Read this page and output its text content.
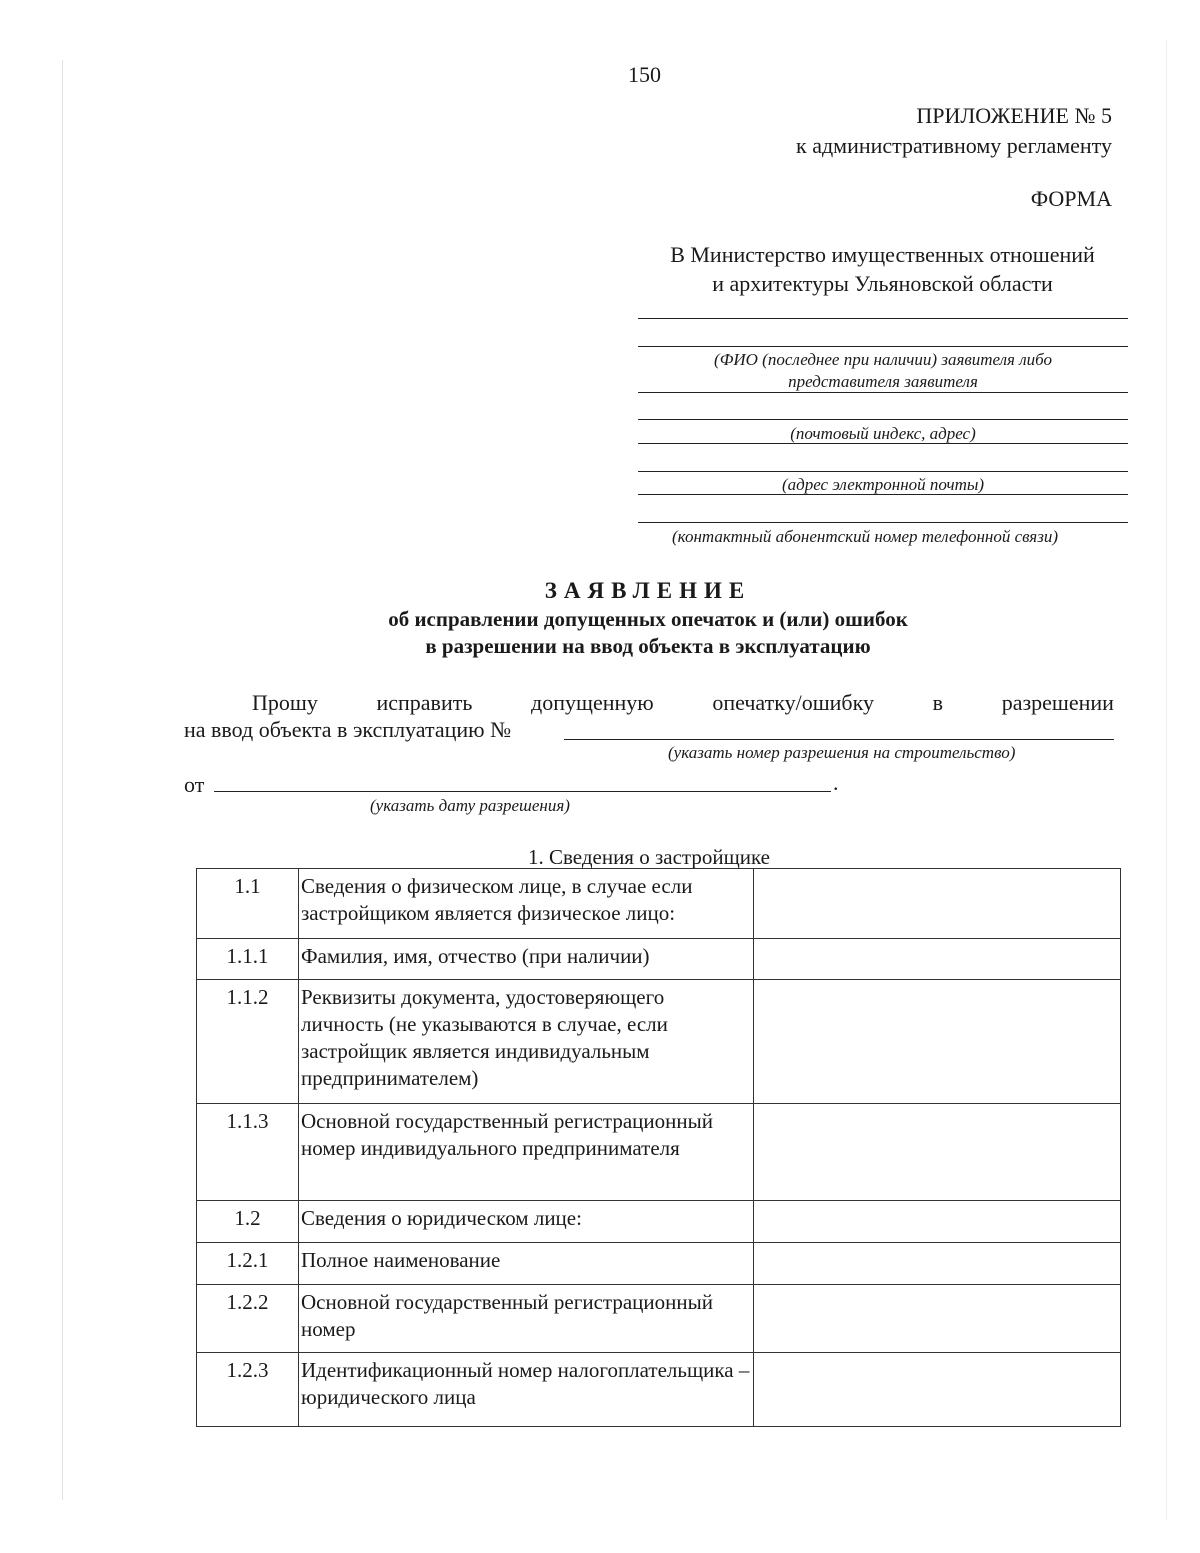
150
ПРИЛОЖЕНИЕ № 5
к административному регламенту
ФОРМА
В Министерство имущественных отношений
и архитектуры Ульяновской области
(ФИО (последнее при наличии) заявителя либо
представителя заявителя
(почтовый индекс, адрес)
(адрес электронной почты)
(контактный абонентский номер телефонной связи)
ЗАЯВЛЕНИЕ
об исправлении допущенных опечаток и (или) ошибок
в разрешении на ввод объекта в эксплуатацию
Прошу	исправить	допущенную	опечатку/ошибку	в	разрешении
на ввод объекта в эксплуатацию №
(указать номер разрешения на строительство)
от	.
(указать дату разрешения)
1. Сведения о застройщике
1.1	Сведения о физическом лице, в случае если застройщиком является физическое лицо:	
1.1.1	Фамилия, имя, отчество (при наличии)	
1.1.2	Реквизиты документа, удостоверяющего личность (не указываются в случае, если застройщик является индивидуальным предпринимателем)	
1.1.3	Основной государственный регистрационный номер индивидуального предпринимателя	
1.2	Сведения о юридическом лице:	
1.2.1	Полное наименование	
1.2.2	Основной государственный регистрационный номер	
1.2.3	Идентификационный номер налогоплательщика – юридического лица	
